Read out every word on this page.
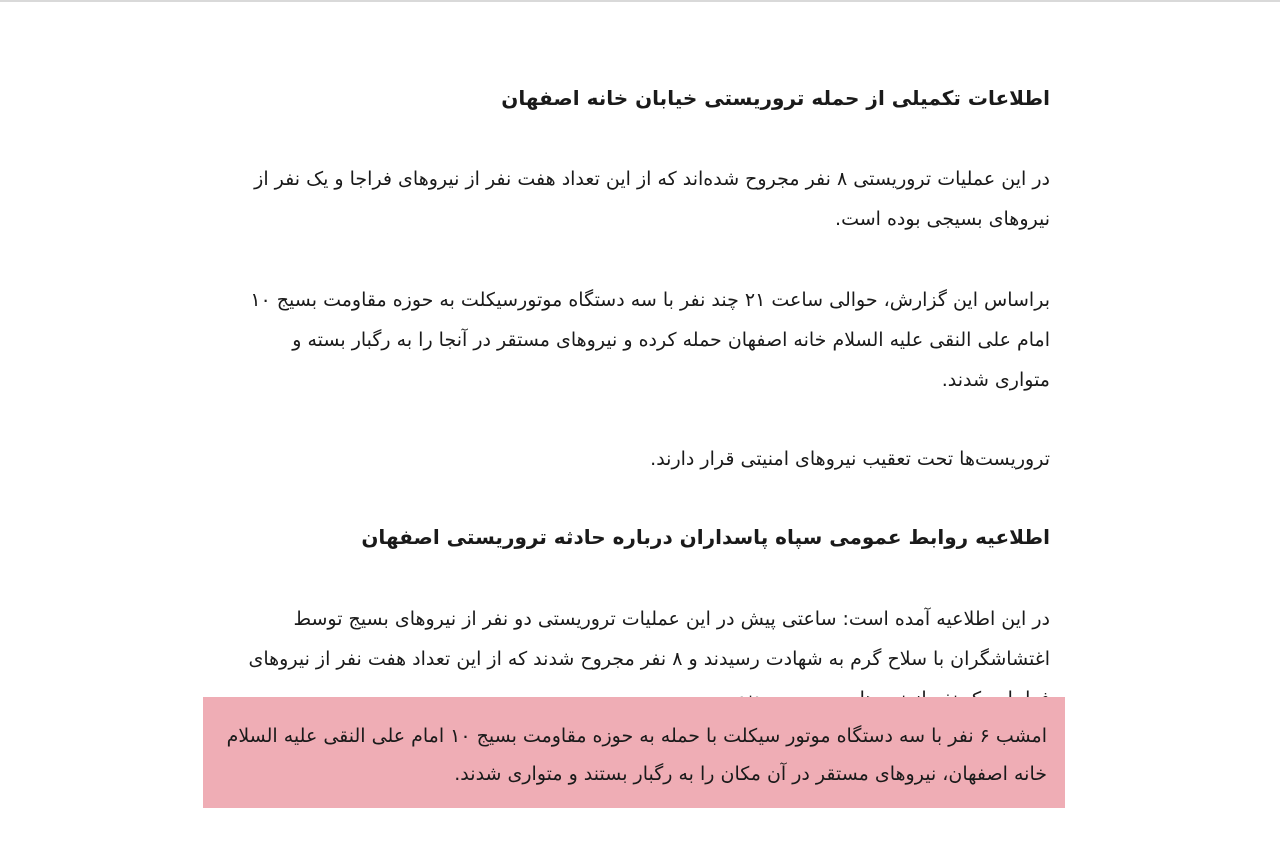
اطلاعات تکمیلی از حمله تروریستی خیابان خانه اصفهان

در این عملیات تروریستی ۸ نفر مجروح شده‌اند که از این تعداد هفت نفر از نیروهای فراجا و یک نفر از نیروهای بسیجی بوده است.

براساس این گزارش، حوالی ساعت ۲۱ چند نفر با سه دستگاه موتورسیکلت به حوزه مقاومت بسیج ۱۰ امام علی النقی علیه السلام خانه اصفهان حمله کرده و نیروهای مستقر در آنجا را به رگبار بسته و متواری شدند.

تروریست‌ها تحت تعقیب نیروهای امنیتی قرار دارند.

اطلاعیه روابط عمومی سپاه پاسداران درباره حادثه تروریستی اصفهان

در این اطلاعیه آمده است: ساعتی پیش در این عملیات تروریستی دو نفر از نیروهای بسیج توسط اغتشاشگران با سلاح گرم به شهادت رسیدند و ۸ نفر مجروح شدند که از این تعداد هفت نفر از نیروهای

امشب ۶ نفر با سه دستگاه موتور سیکلت با حمله به حوزه مقاومت بسیج ۱۰ امام علی النقی علیه السلام خانه اصفهان، نیروهای مستقر در آن مکان را به رگبار بستند و متواری شدند.
